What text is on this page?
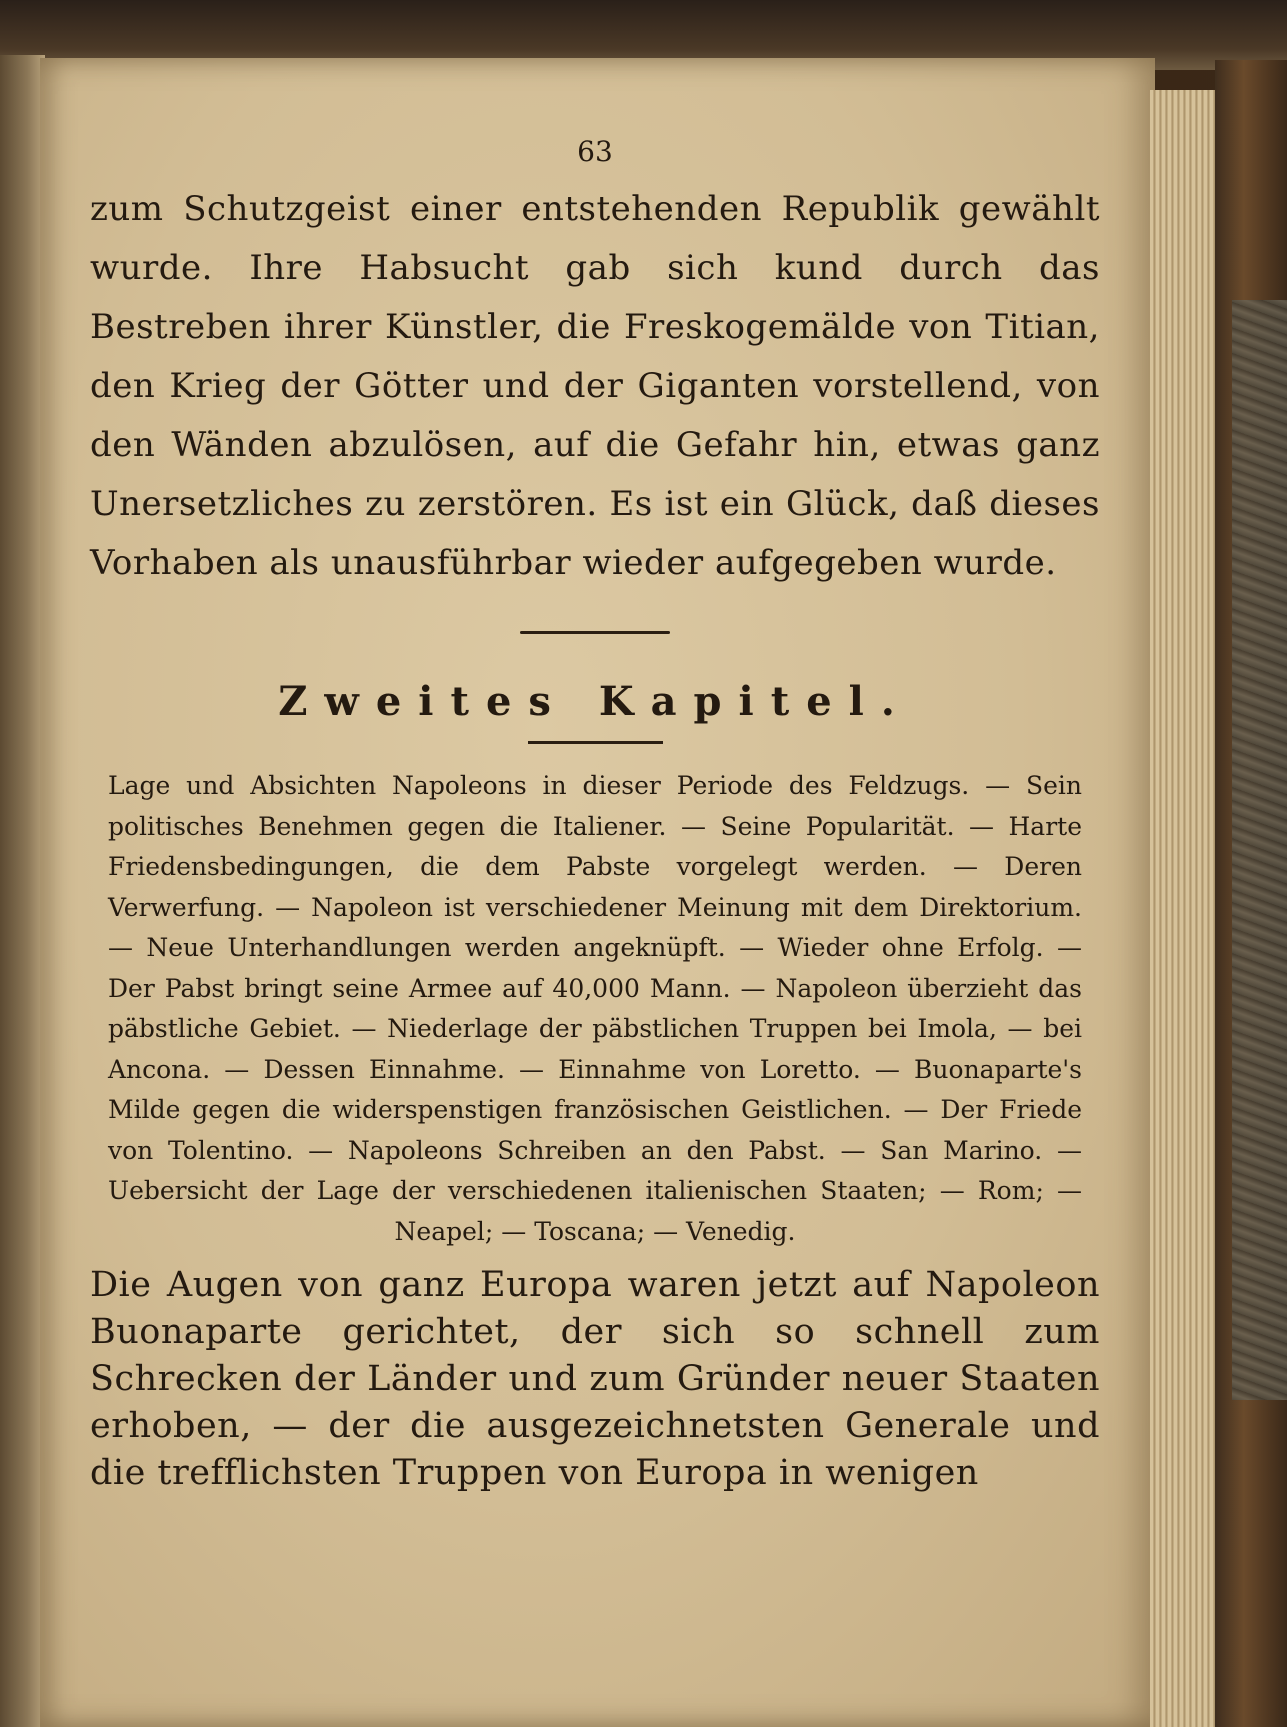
63

zum Schutzgeist einer entstehenden Republik gewählt wurde. Ihre Habsucht gab sich kund durch das Bestreben ihrer Künstler, die Freskogemälde von Titian, den Krieg der Götter und der Giganten vorstellend, von den Wänden abzulösen, auf die Gefahr hin, etwas ganz Unersetzliches zu zerstören. Es ist ein Glück, daß dieses Vorhaben als unausführbar wieder aufgegeben wurde.

Zweites Kapitel.

Lage und Absichten Napoleons in dieser Periode des Feldzugs. — Sein politisches Benehmen gegen die Italiener. — Seine Popularität. — Harte Friedensbedingungen, die dem Pabste vorgelegt werden. — Deren Verwerfung. — Napoleon ist verschiedener Meinung mit dem Direktorium. — Neue Unterhandlungen werden angeknüpft. — Wieder ohne Erfolg. — Der Pabst bringt seine Armee auf 40,000 Mann. — Napoleon überzieht das päbstliche Gebiet. — Niederlage der päbstlichen Truppen bei Imola, — bei Ancona. — Dessen Einnahme. — Einnahme von Loretto. — Buonaparte's Milde gegen die widerspenstigen französischen Geistlichen. — Der Friede von Tolentino. — Napoleons Schreiben an den Pabst. — San Marino. — Uebersicht der Lage der verschiedenen italienischen Staaten; — Rom; — Neapel; — Toscana; — Venedig.

Die Augen von ganz Europa waren jetzt auf Napoleon Buonaparte gerichtet, der sich so schnell zum Schrecken der Länder und zum Gründer neuer Staaten erhoben, — der die ausgezeichnetsten Generale und die trefflichsten Truppen von Europa in wenigen
